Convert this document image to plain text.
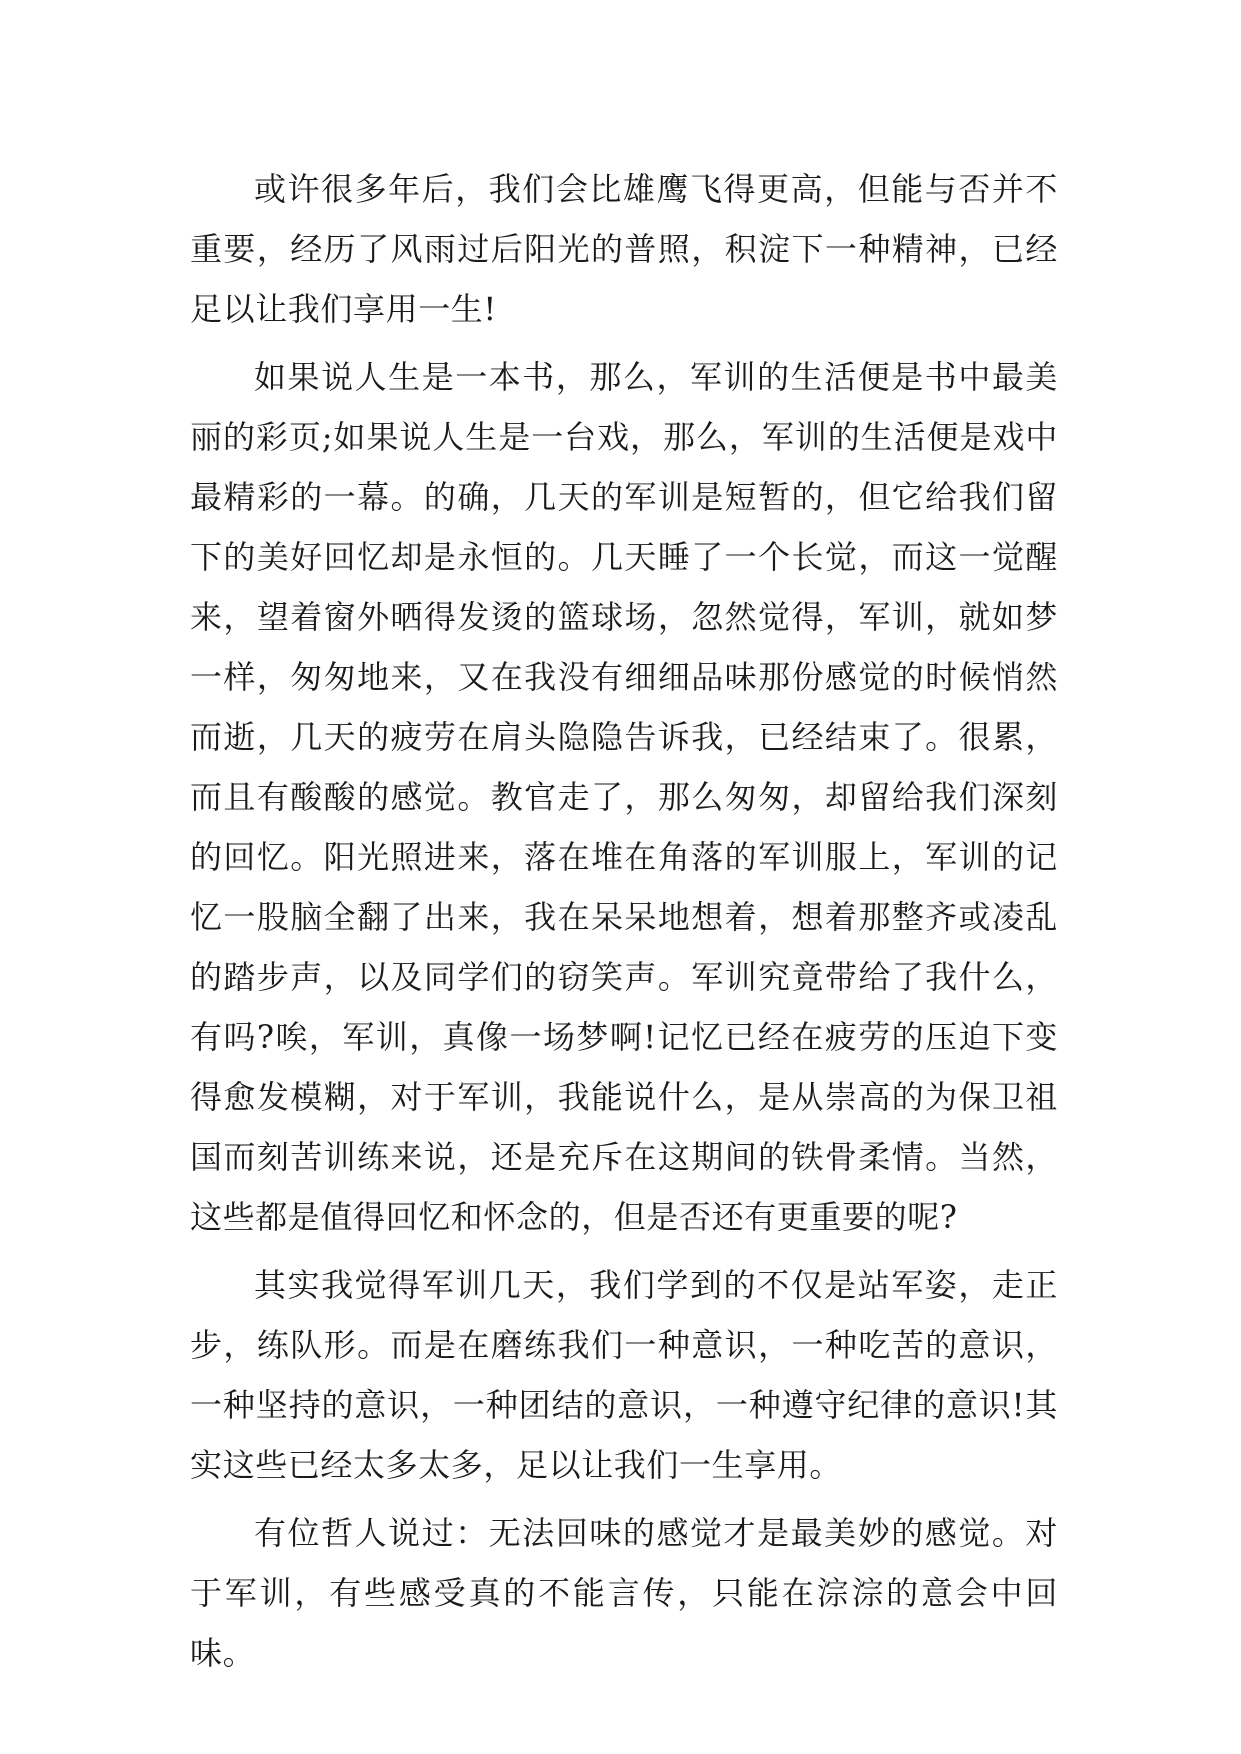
或许很多年后，我们会比雄鹰飞得更高，但能与否并不重要，经历了风雨过后阳光的普照，积淀下一种精神，已经足以让我们享用一生!

如果说人生是一本书，那么，军训的生活便是书中最美丽的彩页;如果说人生是一台戏，那么，军训的生活便是戏中最精彩的一幕。的确，几天的军训是短暂的，但它给我们留下的美好回忆却是永恒的。几天睡了一个长觉，而这一觉醒来，望着窗外晒得发烫的篮球场，忽然觉得，军训，就如梦一样，匆匆地来，又在我没有细细品味那份感觉的时候悄然而逝，几天的疲劳在肩头隐隐告诉我，已经结束了。很累，而且有酸酸的感觉。教官走了，那么匆匆，却留给我们深刻的回忆。阳光照进来，落在堆在角落的军训服上，军训的记忆一股脑全翻了出来，我在呆呆地想着，想着那整齐或凌乱的踏步声，以及同学们的窃笑声。军训究竟带给了我什么，有吗?唉，军训，真像一场梦啊!记忆已经在疲劳的压迫下变得愈发模糊，对于军训，我能说什么，是从崇高的为保卫祖国而刻苦训练来说，还是充斥在这期间的铁骨柔情。当然，这些都是值得回忆和怀念的，但是否还有更重要的呢?

其实我觉得军训几天，我们学到的不仅是站军姿，走正步，练队形。而是在磨练我们一种意识，一种吃苦的意识，一种坚持的意识，一种团结的意识，一种遵守纪律的意识!其实这些已经太多太多，足以让我们一生享用。

有位哲人说过：无法回味的感觉才是最美妙的感觉。对于军训，有些感受真的不能言传，只能在淙淙的意会中回味。
